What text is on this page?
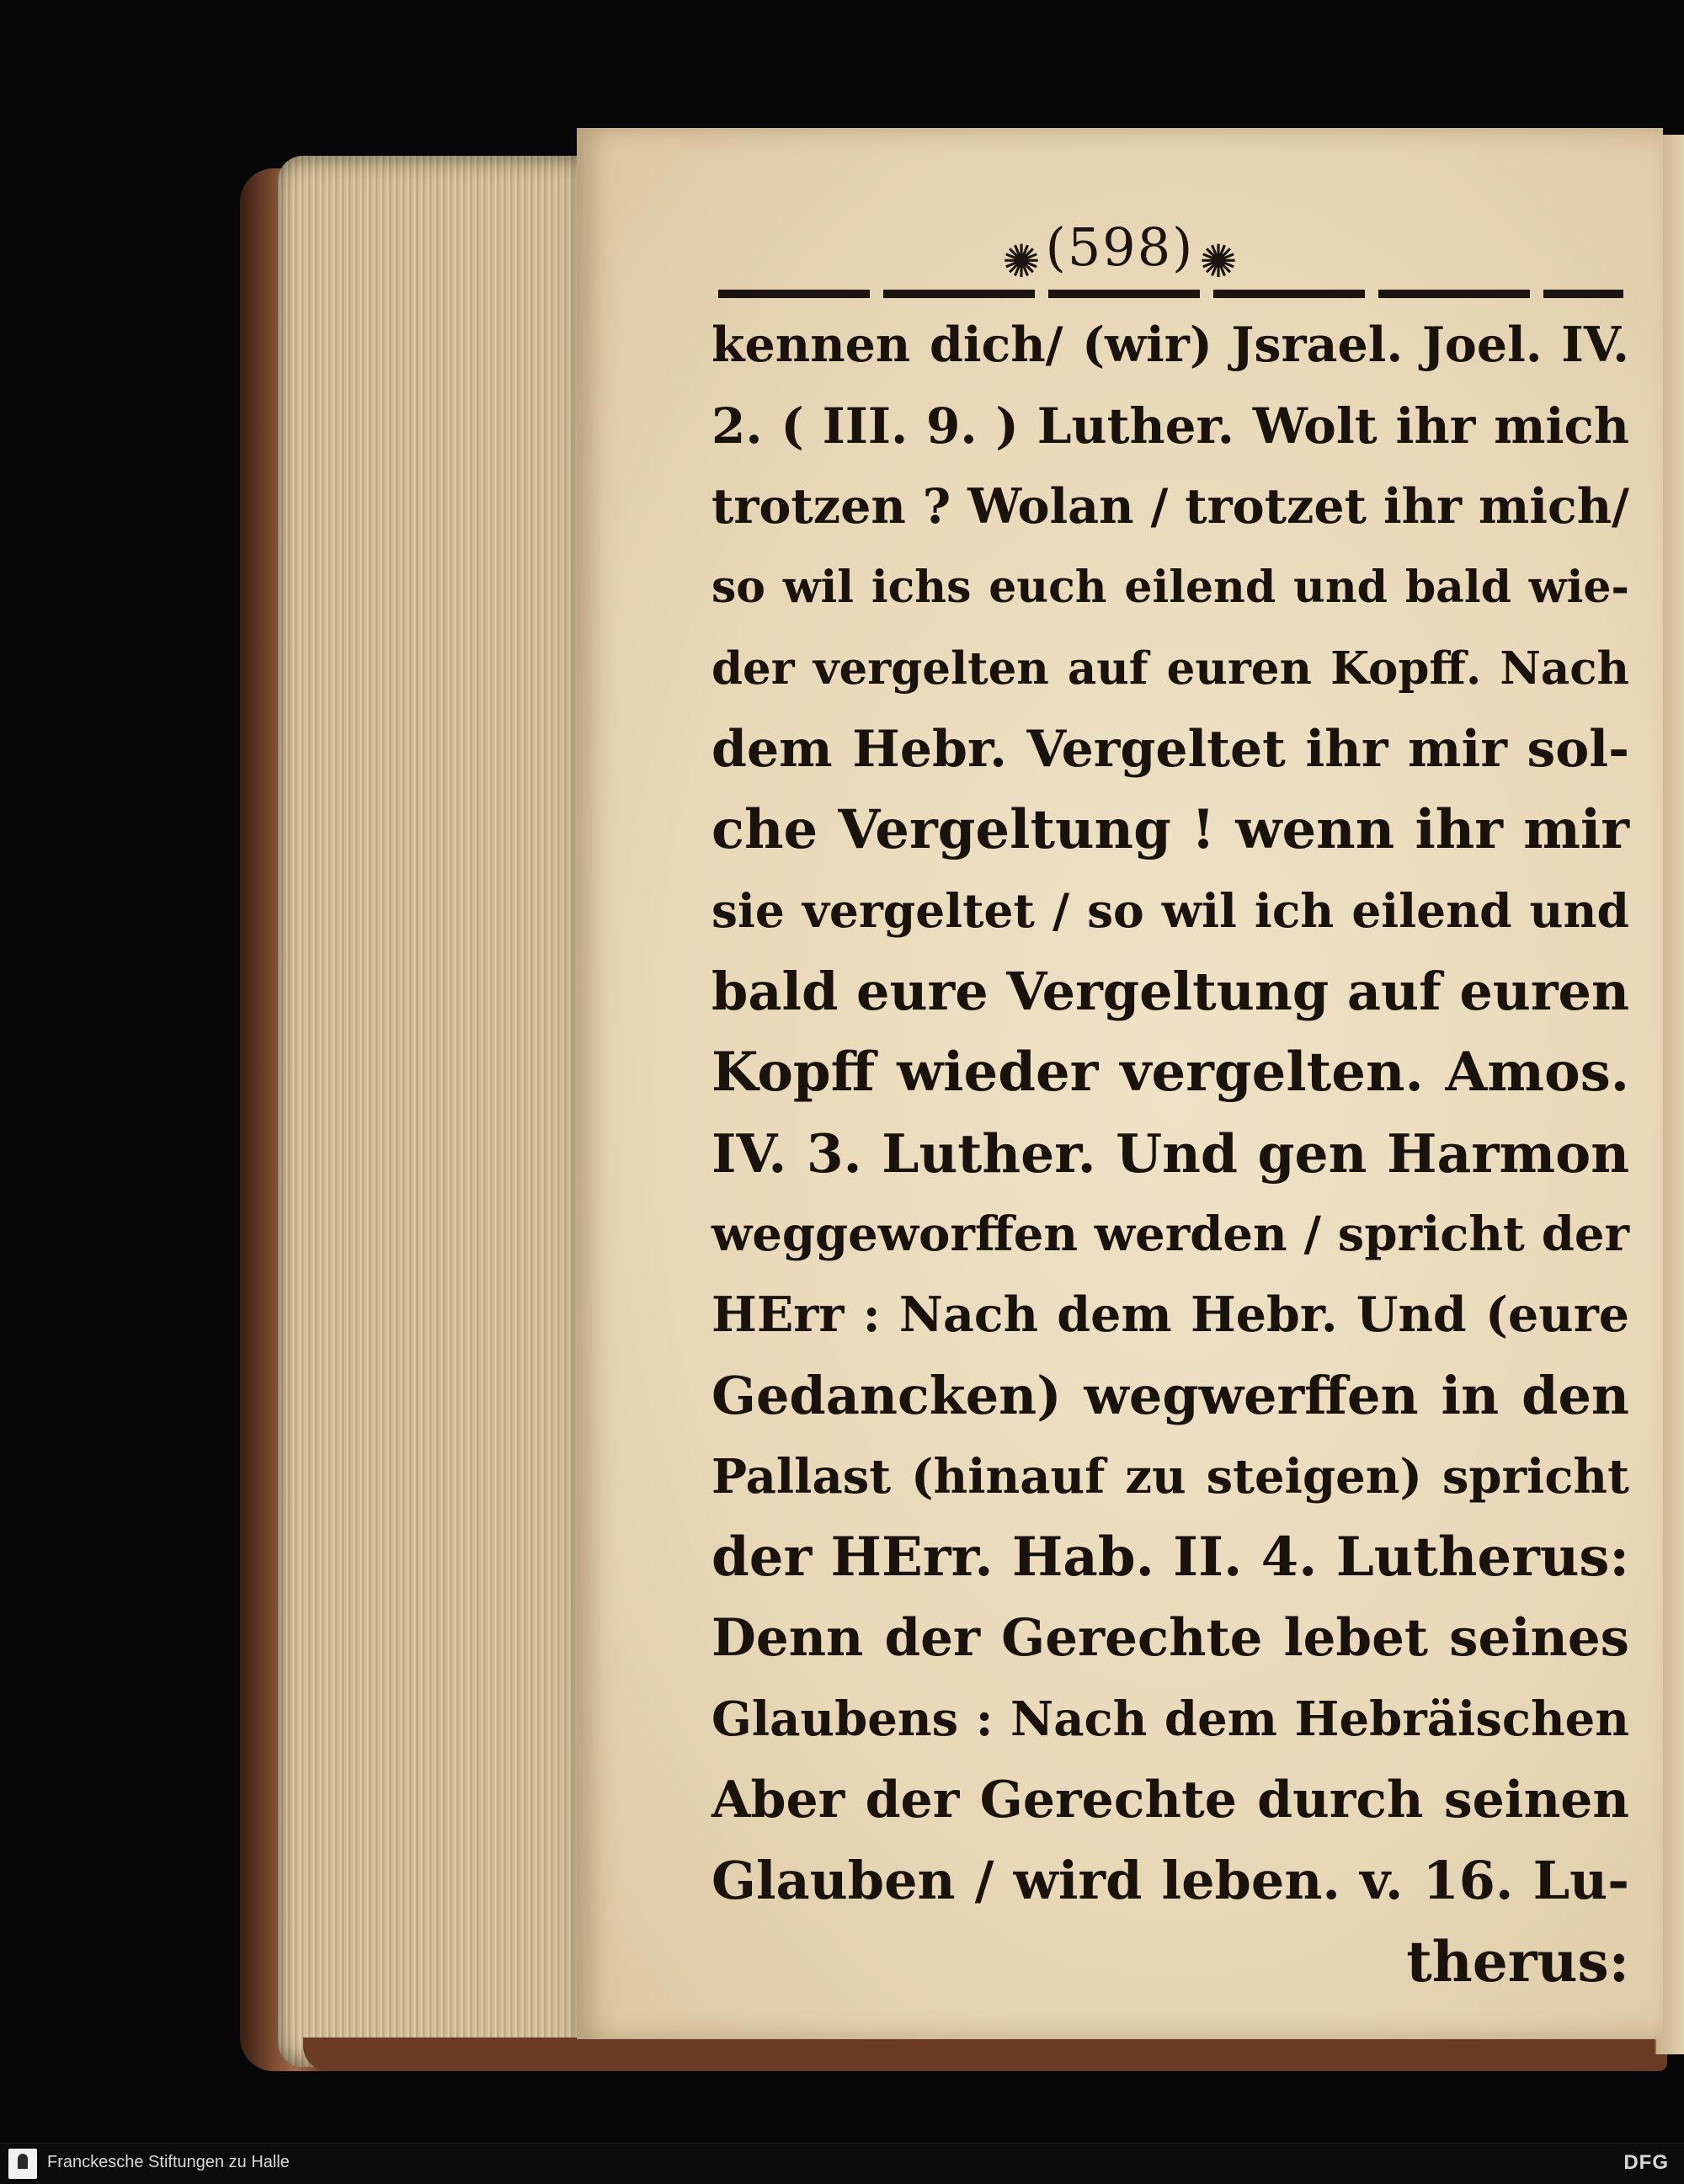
✺(598) ✺
kennen dich/ (wir) Jsrael. Joel. IV.
2. ( III. 9. ) Luther. Wolt ihr mich
trotzen ? Wolan / trotzet ihr mich/
so wil ichs euch eilend und bald wie-
der vergelten auf euren Kopff. Nach
dem Hebr. Vergeltet ihr mir sol-
che Vergeltung ! wenn ihr mir
sie vergeltet / so wil ich eilend und
bald eure Vergeltung auf euren
Kopff wieder vergelten. Amos.
IV. 3. Luther. Und gen Harmon
weggeworffen werden / spricht der
HErr : Nach dem Hebr. Und (eure
Gedancken) wegwerffen in den
Pallast (hinauf zu steigen) spricht
der HErr. Hab. II. 4. Lutherus:
Denn der Gerechte lebet seines
Glaubens : Nach dem Hebräischen
Aber der Gerechte durch seinen
Glauben / wird leben. v. 16. Lu-
therus:
Franckesche Stiftungen zu Halle	DFG
